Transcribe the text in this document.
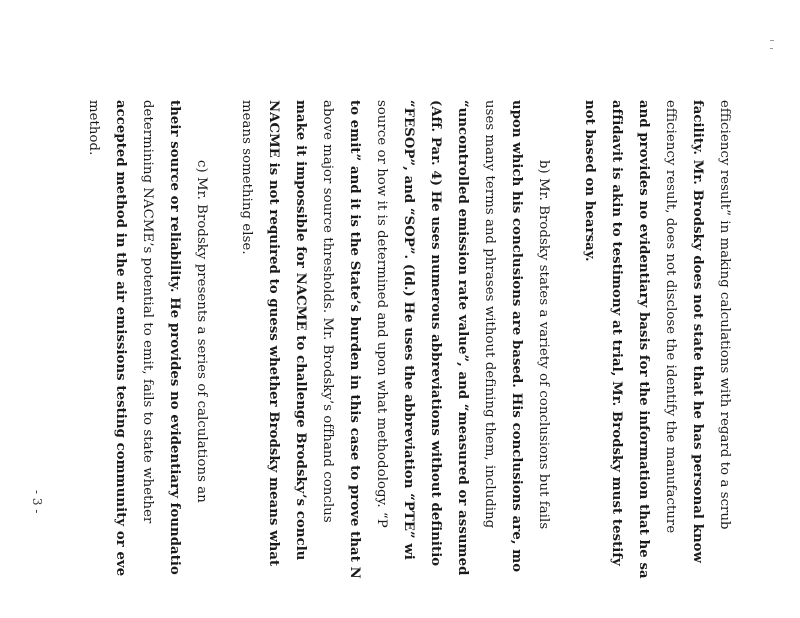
efficiency result” in making calculations with regard to a scrub
facility. Mr. Brodsky does not state that he has personal know
efficiency result, does not disclose the identify the manufacture
and provides no evidentiary basis for the information that he sa
affidavit is akin to testimony at trial, Mr. Brodsky must testify
not based on hearsay.
b) Mr. Brodsky states a variety of conclusions but fails
upon which his conclusions are based. His conclusions are, mo
uses many terms and phrases without defining them, including
“uncontrolled emission rate value”, and “measured or assumed
(Aff. Par. 4) He uses numerous abbreviations without definitio
“FESOP”, and “SOP”. (Id.) He uses the abbreviation “PTE” wi
source or how it is determined and upon what methodology. “P
to emit” and it is the State’s burden in this case to prove that N
above major source thresholds. Mr. Brodsky’s offhand conclus
make it impossible for NACME to challenge Brodsky’s conclu
NACME is not required to guess whether Brodsky means what
means something else.
c) Mr. Brodsky presents a series of calculations an
their source or reliability. He provides no evidentiary foundatio
determining NACME’s potential to emit, fails to state whether
accepted method in the air emissions testing community or eve
method.
- 3 -
